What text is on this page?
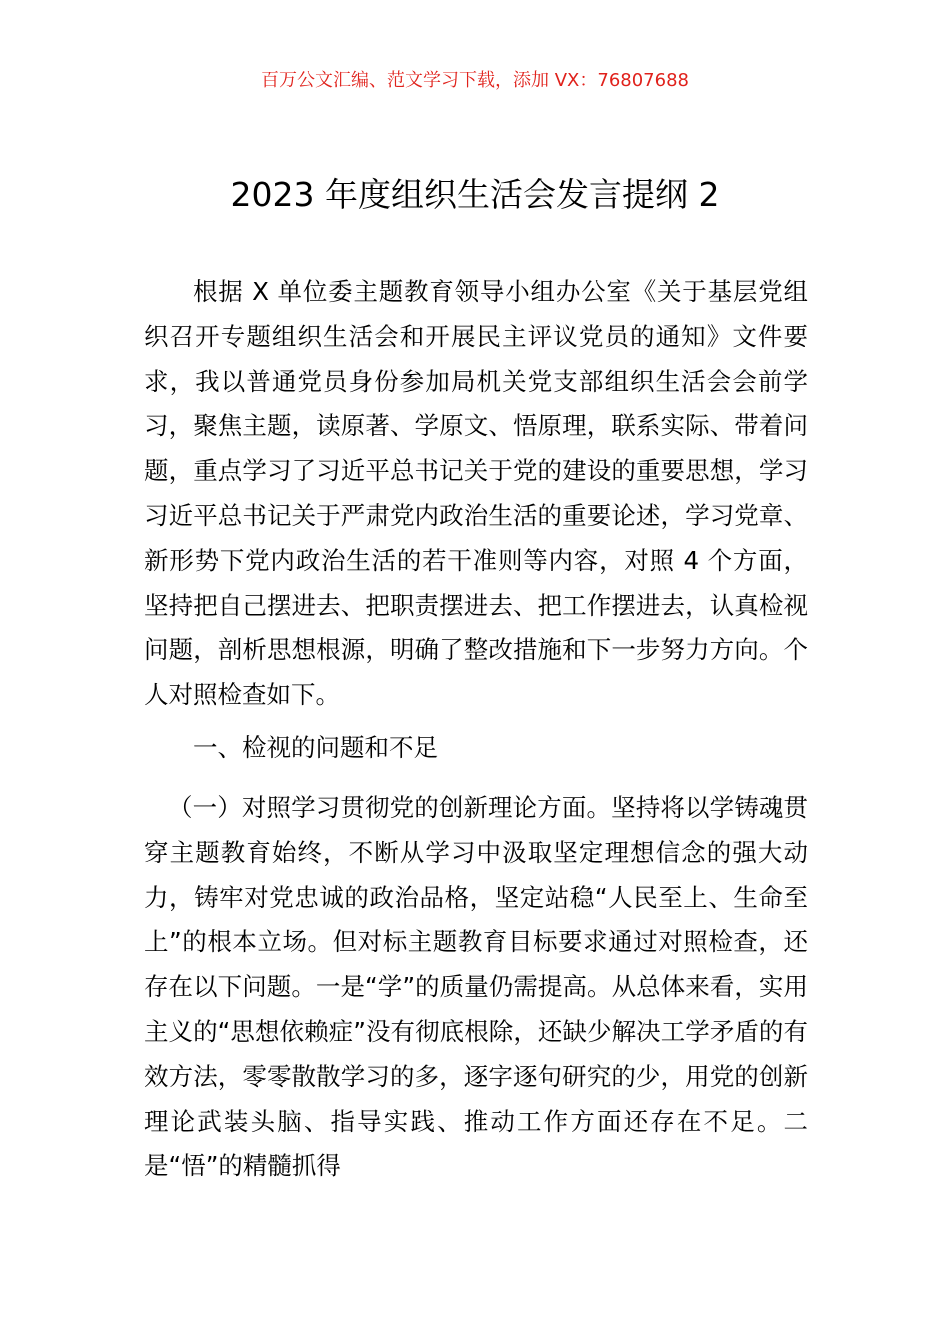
百万公文汇编、范文学习下载，添加 VX：76807688
2023 年度组织生活会发言提纲 2

根据 X 单位委主题教育领导小组办公室《关于基层党组织召开专题组织生活会和开展民主评议党员的通知》文件要求，我以普通党员身份参加局机关党支部组织生活会会前学习，聚焦主题，读原著、学原文、悟原理，联系实际、带着问题，重点学习了习近平总书记关于党的建设的重要思想，学习习近平总书记关于严肃党内政治生活的重要论述，学习党章、新形势下党内政治生活的若干准则等内容，对照 4 个方面，坚持把自己摆进去、把职责摆进去、把工作摆进去，认真检视问题，剖析思想根源，明确了整改措施和下一步努力方向。个人对照检查如下。

一、检视的问题和不足

（一）对照学习贯彻党的创新理论方面。坚持将以学铸魂贯穿主题教育始终，不断从学习中汲取坚定理想信念的强大动力，铸牢对党忠诚的政治品格，坚定站稳“人民至上、生命至上”的根本立场。但对标主题教育目标要求通过对照检查，还存在以下问题。一是“学”的质量仍需提高。从总体来看，实用主义的“思想依赖症”没有彻底根除，还缺少解决工学矛盾的有效方法，零零散散学习的多，逐字逐句研究的少，用党的创新理论武装头脑、指导实践、推动工作方面还存在不足。二是“悟”的精髓抓得
